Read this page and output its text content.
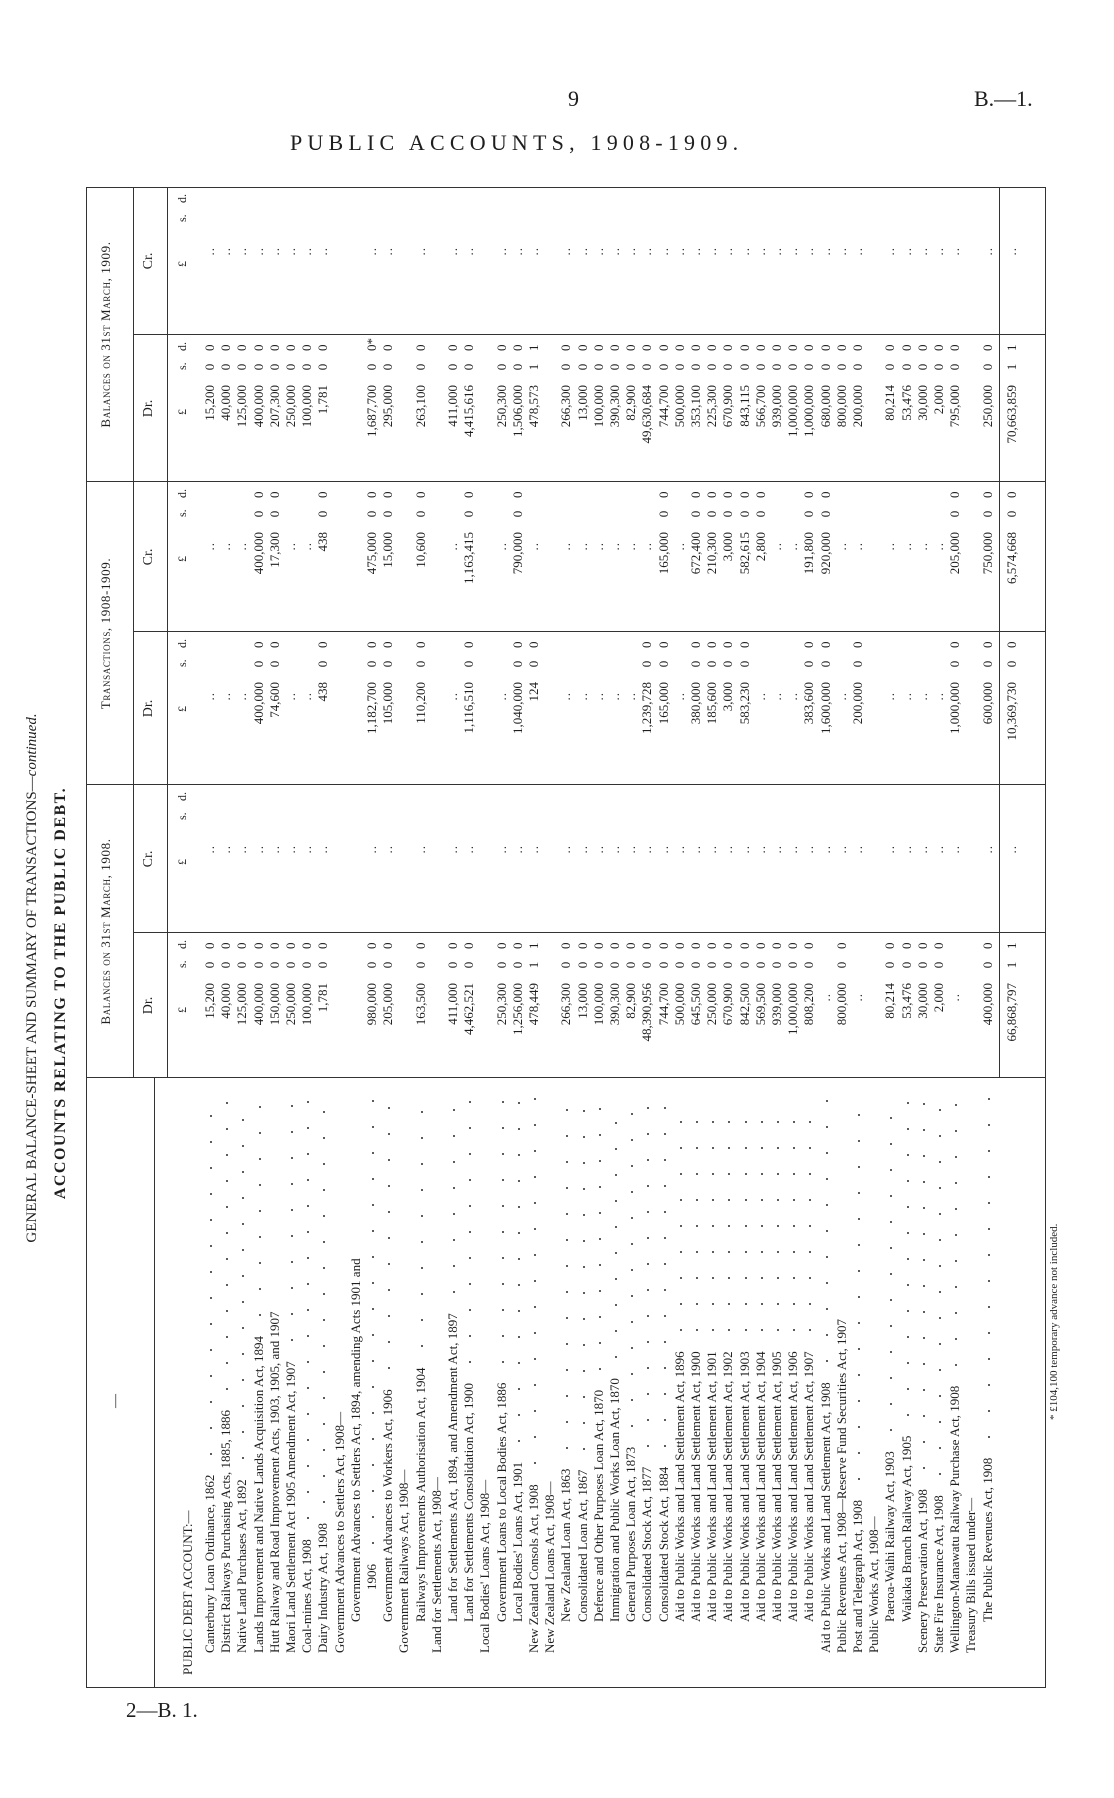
9	B.—1.
PUBLIC ACCOUNTS, 1908-1909.
2—B. 1.
GENERAL BALANCE-SHEET AND SUMMARY OF TRANSACTIONS—continued.
ACCOUNTS RELATING TO THE PUBLIC DEBT.
—
Balances on 31st March, 1908.
Transactions, 1908-1909.
Balances on 31st March, 1909.
Dr. £
s.
d.
Cr. £
s.
d.
Dr. £
s.
d.
Cr. £
s.
d.
Dr. £
s.
d.
Cr. £
s.
d.
PUBLIC DEBT ACCOUNT:— Canterbury Loan Ordinance, 1862
15,200
0
0
..
..
..
15,200
0
0
..
District Railways Purchasing Acts, 1885, 1886
40,000
0
0
..
..
..
40,000
0
0
..
Native Land Purchases Act, 1892
125,000
0
0
..
..
..
125,000
0
0
..
Lands Improvement and Native Lands Acquisition Act, 1894
400,000
0
0
..
400,000
0
0
400,000
0
0
400,000
0
0
..
Hutt Railway and Road Improvement Acts, 1903, 1905, and 1907
150,000
0
0
..
74,600
0
0
17,300
0
0
207,300
0
0
..
Maori Land Settlement Act 1905 Amendment Act, 1907
250,000
0
0
..
..
..
250,000
0
0
..
Coal-mines Act, 1908
100,000
0
0
..
..
..
100,000
0
0
..
Dairy Industry Act, 1908
1,781
0
0
..
438
0
0
438
0
0
1,781
0
0
..
Government Advances to Settlers Act, 1908— Government Advances to Settlers Act, 1894, amending Acts 1901 and 1906
980,000
0
0
..
1,182,700
0
0
475,000
0
0
1,687,700
0
0*
..
Government Advances to Workers Act, 1906
205,000
0
0
..
105,000
0
0
15,000
0
0
295,000
0
0
..
Government Railways Act, 1908— Railways Improvements Authorisation Act, 1904
163,500
0
0
..
110,200
0
0
10,600
0
0
263,100
0
0
..
Land for Settlements Act, 1908— Land for Settlements Act, 1894, and Amendment Act, 1897
411,000
0
0
..
..
..
411,000
0
0
..
Land for Settlements Consolidation Act, 1900
4,462,521
0
0
..
1,116,510
0
0
1,163,415
0
0
4,415,616
0
0
..
Local Bodies' Loans Act, 1908— Government Loans to Local Bodies Act, 1886
250,300
0
0
..
..
..
250,300
0
0
..
Local Bodies' Loans Act, 1901
1,256,000
0
0
..
1,040,000
0
0
790,000
0
0
1,506,000
0
0
..
New Zealand Consols Act, 1908
478,449
1
1
..
124
0
0
..
478,573
1
1
..
New Zealand Loans Act, 1908— New Zealand Loan Act, 1863
266,300
0
0
..
..
..
266,300
0
0
..
Consolidated Loan Act, 1867
13,000
0
0
..
..
..
13,000
0
0
..
Defence and Other Purposes Loan Act, 1870
100,000
0
0
..
..
..
100,000
0
0
..
Immigration and Public Works Loan Act, 1870
390,300
0
0
..
..
..
390,300
0
0
..
General Purposes Loan Act, 1873
82,900
0
0
..
..
..
82,900
0
0
..
Consolidated Stock Act, 1877
48,390,956
0
0
..
1,239,728
0
0
..
49,630,684
0
0
..
Consolidated Stock Act, 1884
744,700
0
0
..
165,000
0
0
165,000
0
0
744,700
0
0
..
Aid to Public Works and Land Settlement Act, 1896
500,000
0
0
..
..
..
500,000
0
0
..
Aid to Public Works and Land Settlement Act, 1900
645,500
0
0
..
380,000
0
0
672,400
0
0
353,100
0
0
..
Aid to Public Works and Land Settlement Act, 1901
250,000
0
0
..
185,600
0
0
210,300
0
0
225,300
0
0
..
Aid to Public Works and Land Settlement Act, 1902
670,900
0
0
..
3,000
0
0
3,000
0
0
670,900
0
0
..
Aid to Public Works and Land Settlement Act, 1903
842,500
0
0
..
583,230
0
0
582,615
0
0
843,115
0
0
..
Aid to Public Works and Land Settlement Act, 1904
569,500
0
0
..
..
2,800
0
0
566,700
0
0
..
Aid to Public Works and Land Settlement Act, 1905
939,000
0
0
..
..
..
939,000
0
0
..
Aid to Public Works and Land Settlement Act, 1906
1,000,000
0
0
..
..
..
1,000,000
0
0
..
Aid to Public Works and Land Settlement Act, 1907
808,200
0
0
..
383,600
0
0
191,800
0
0
1,000,000
0
0
..
Aid to Public Works and Land Settlement Act, 1908
..
..
1,600,000
0
0
920,000
0
0
680,000
0
0
..
Public Revenues Act, 1908—Reserve Fund Securities Act, 1907
800,000
0
0
..
..
..
800,000
0
0
..
Post and Telegraph Act, 1908
..
..
200,000
0
0
..
200,000
0
0
..
Public Works Act, 1908— Paeroa-Waihi Railway Act, 1903
80,214
0
0
..
..
..
80,214
0
0
..
Waikaka Branch Railway Act, 1905
53,476
0
0
..
..
..
53,476
0
0
..
Scenery Preservation Act, 1908
30,000
0
0
..
..
..
30,000
0
0
..
State Fire Insurance Act, 1908
2,000
0
0
..
..
..
2,000
0
0
..
Wellington-Manawatu Railway Purchase Act, 1908
..
..
1,000,000
0
0
205,000
0
0
795,000
0
0
..
Treasury Bills issued under— The Public Revenues Act, 1908
400,000
0
0
..
600,000
0
0
750,000
0
0
250,000
0
0
..
66,868,797
1
1
..
10,369,730
0
0
6,574,668
0
0
70,663,859
1
1
..
* £104,100 temporary advance not included.
